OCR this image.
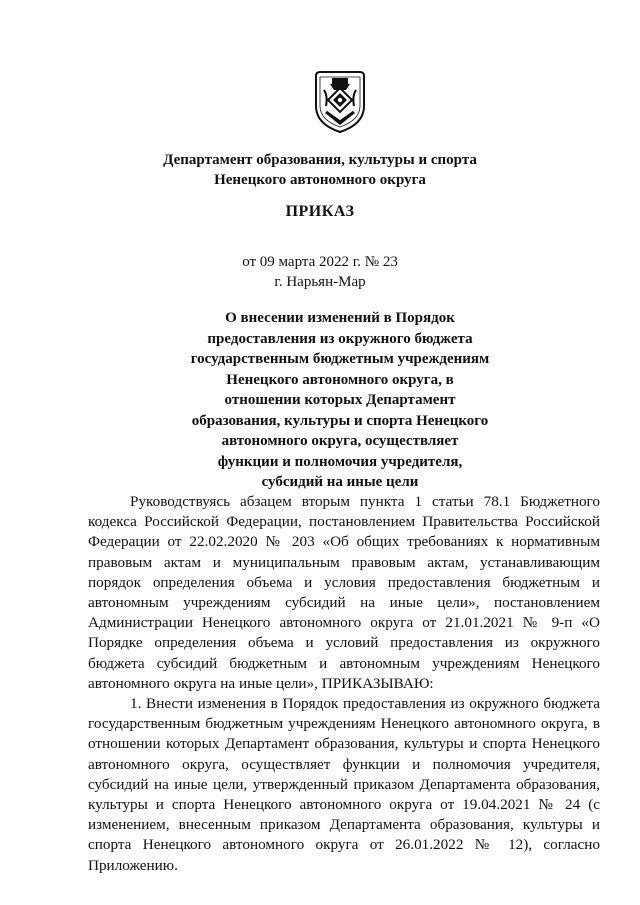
Департамент образования, культуры и спорта
Ненецкого автономного округа
ПРИКАЗ
от 09 марта 2022 г. № 23
г. Нарьян-Мар
О внесении изменений в Порядок предоставления из окружного бюджета государственным бюджетным учреждениям Ненецкого автономного округа, в отношении которых Департамент образования, культуры и спорта Ненецкого автономного округа, осуществляет функции и полномочия учредителя, субсидий на иные цели

Руководствуясь абзацем вторым пункта 1 статьи 78.1 Бюджетного кодекса Российской Федерации, постановлением Правительства Российской Федерации от 22.02.2020 № 203 «Об общих требованиях к нормативным правовым актам и муниципальным правовым актам, устанавливающим порядок определения объема и условия предоставления бюджетным и автономным учреждениям субсидий на иные цели», постановлением Администрации Ненецкого автономного округа от 21.01.2021 № 9-п «О Порядке определения объема и условий предоставления из окружного бюджета субсидий бюджетным и автономным учреждениям Ненецкого автономного округа на иные цели», ПРИКАЗЫВАЮ:

1. Внести изменения в Порядок предоставления из окружного бюджета государственным бюджетным учреждениям Ненецкого автономного округа, в отношении которых Департамент образования, культуры и спорта Ненецкого автономного округа, осуществляет функции и полномочия учредителя, субсидий на иные цели, утвержденный приказом Департамента образования, культуры и спорта Ненецкого автономного округа от 19.04.2021 № 24 (с изменением, внесенным приказом Департамента образования, культуры и спорта Ненецкого автономного округа от 26.01.2022 № 12), согласно Приложению.
